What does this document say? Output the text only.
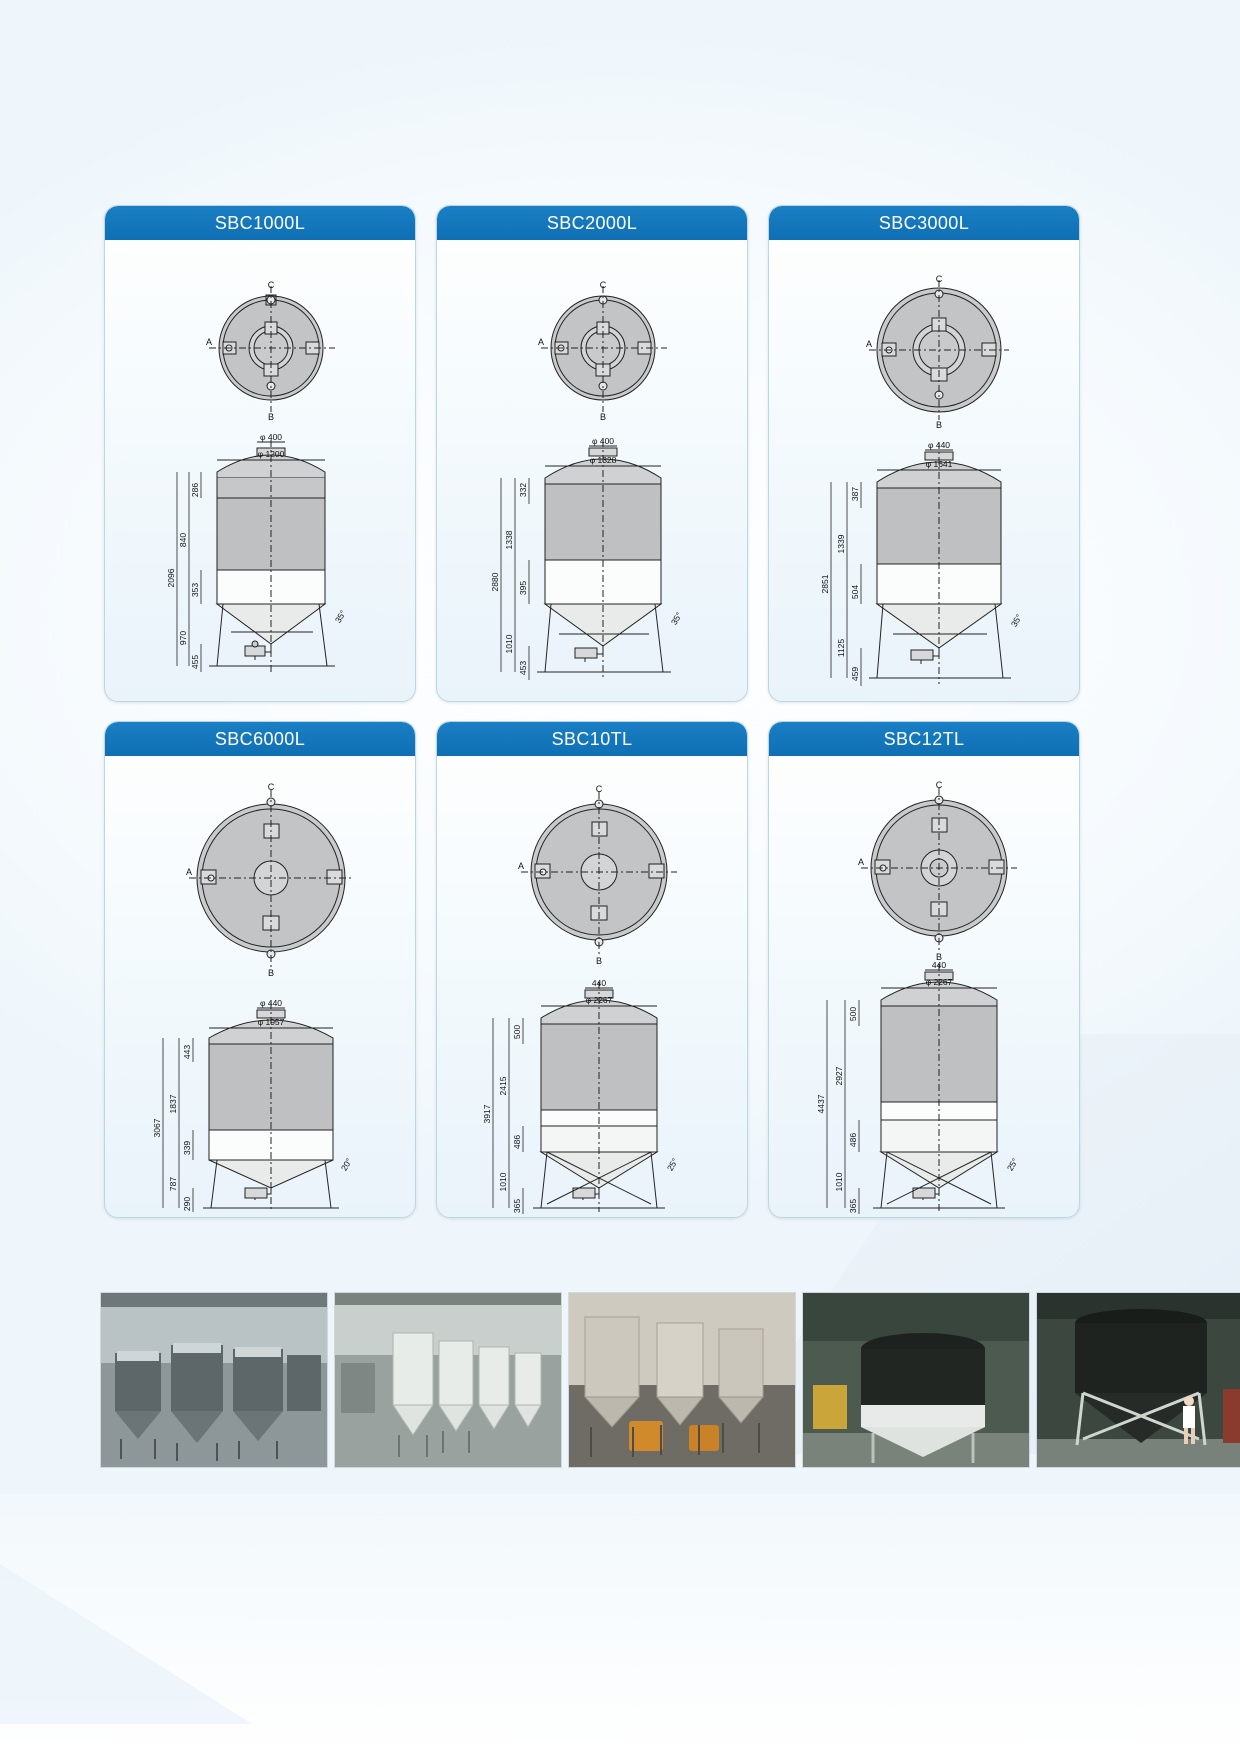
SBC1000L
C
A
B
φ 1200
φ 400
2096
840
286
353
970
455
35°
SBC2000L
C
A
B
φ 1328
φ 400
2880
1338
332
395
1010
453
35°
SBC3000L
C
A
B
φ 1641
φ 440
2851
1339
387
504
1125
459
35°
SBC6000L
C
A
B
φ 1957
φ 440
3067
1837
443
339
787
290
20°
SBC10TL
C
A
B
φ 2267
440
3917
2415
500
486
1010
365
25°
SBC12TL
C
A
B
φ 2267
440
4437
2927
500
486
1010
365
25°
